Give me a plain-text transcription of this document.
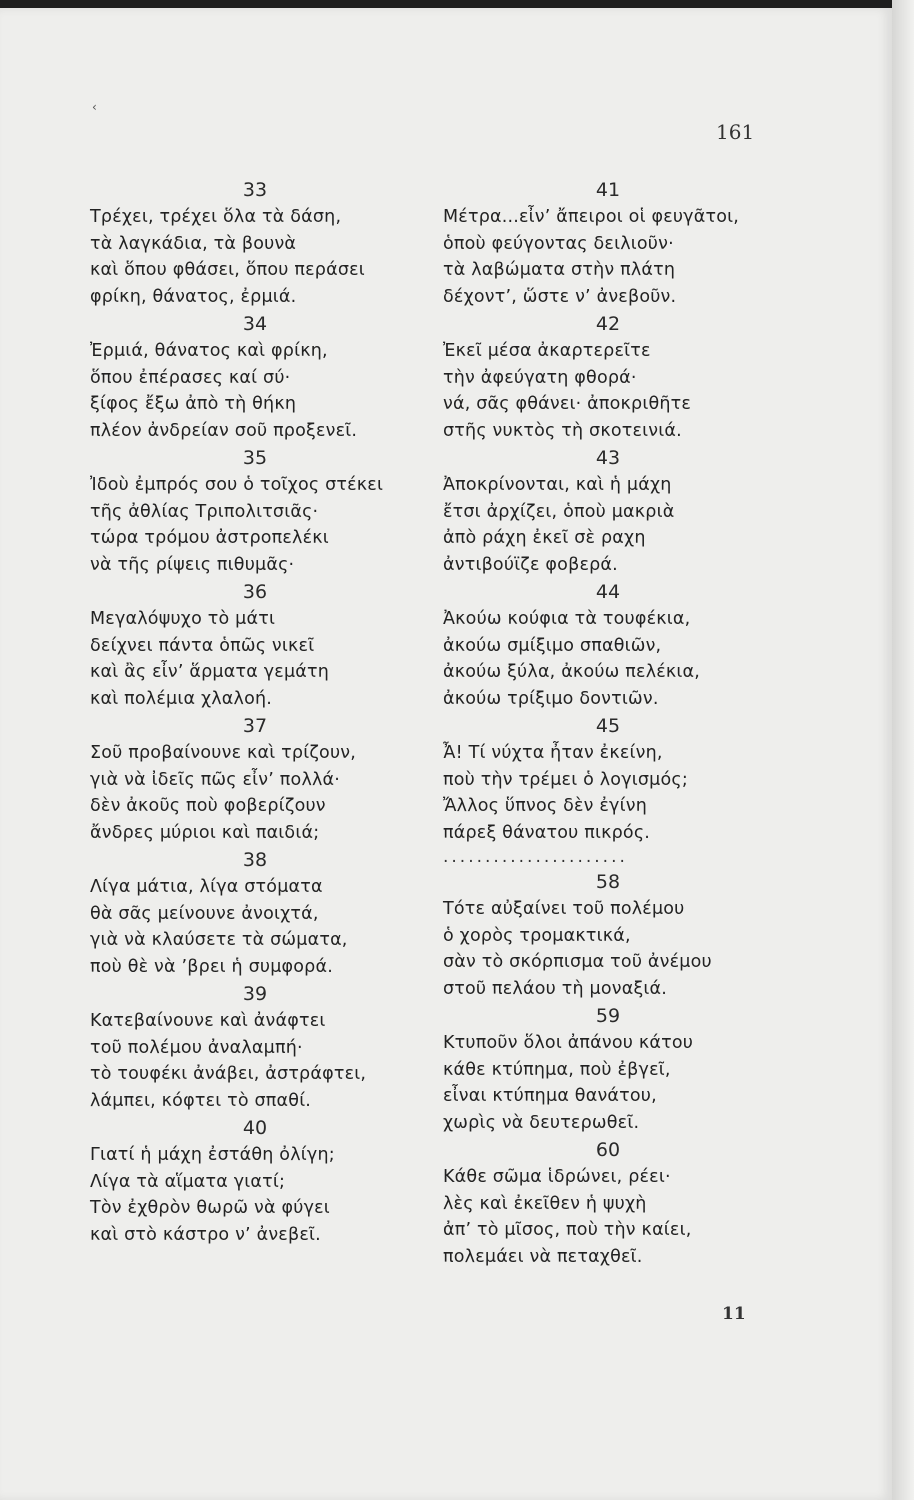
‹
161
33
Τρέχει, τρέχει ὅλα τὰ δάση,
τὰ λαγκάδια, τὰ βουνὰ
καὶ ὅπου φθάσει, ὅπου περάσει
φρίκη, θάνατος, ἐρμιά.
34
Ἐρμιά, θάνατος καὶ φρίκη,
ὅπου ἐπέρασες καί σύ·
ξίφος ἔξω ἀπὸ τὴ θήκη
πλέον ἀνδρείαν σοῦ προξενεῖ.
35
Ἰδοὺ ἐμπρός σου ὁ τοῖχος στέκει
τῆς ἀθλίας Τριπολιτσιᾶς·
τώρα τρόμου ἀστροπελέκι
νὰ τῆς ρίψεις πιθυμᾶς·
36
Μεγαλόψυχο τὸ μάτι
δείχνει πάντα ὁπῶς νικεῖ
καὶ ἂς εἶν’ ἅρματα γεμάτη
καὶ πολέμια χλαλοή.
37
Σοῦ προβαίνουνε καὶ τρίζουν,
γιὰ νὰ ἰδεῖς πῶς εἶν’ πολλά·
δὲν ἀκοῦς ποὺ φοβερίζουν
ἄνδρες μύριοι καὶ παιδιά;
38
Λίγα μάτια, λίγα στόματα
θὰ σᾶς μείνουνε ἀνοιχτά,
γιὰ νὰ κλαύσετε τὰ σώματα,
ποὺ θὲ νὰ ’βρει ἡ συμφορά.
39
Κατεβαίνουνε καὶ ἀνάφτει
τοῦ πολέμου ἀναλαμπή·
τὸ τουφέκι ἀνάβει, ἀστράφτει,
λάμπει, κόφτει τὸ σπαθί.
40
Γιατί ἡ μάχη ἐστάθη ὀλίγη;
Λίγα τὰ αἵματα γιατί;
Τὸν ἐχθρὸν θωρῶ νὰ φύγει
καὶ στὸ κάστρο ν’ ἀνεβεῖ.
41
Μέτρα...εἶν’ ἄπειροι οἱ φευγᾶτοι,
ὁποὺ φεύγοντας δειλιοῦν·
τὰ λαβώματα στὴν πλάτη
δέχοντ’, ὥστε ν’ ἀνεβοῦν.
42
Ἐκεῖ μέσα ἀκαρτερεῖτε
τὴν ἀφεύγατη φθορά·
νά, σᾶς φθάνει· ἀποκριθῆτε
στῆς νυκτὸς τὴ σκοτεινιά.
43
Ἀποκρίνονται, καὶ ἡ μάχη
ἔτσι ἀρχίζει, ὁποὺ μακριὰ
ἀπὸ ράχη ἐκεῖ σὲ ραχη
ἀντιβούϊζε φοβερά.
44
Ἀκούω κούφια τὰ τουφέκια,
ἀκούω σμίξιμο σπαθιῶν,
ἀκούω ξύλα, ἀκούω πελέκια,
ἀκούω τρίξιμο δοντιῶν.
45
Ἆ! Τί νύχτα ἦταν ἐκείνη,
ποὺ τὴν τρέμει ὁ λογισμός;
Ἄλλος ὕπνος δὲν ἐγίνη
πάρεξ θάνατου πικρός.
......................
58
Τότε αὐξαίνει τοῦ πολέμου
ὁ χορὸς τρομακτικά,
σὰν τὸ σκόρπισμα τοῦ ἀνέμου
στοῦ πελάου τὴ μοναξιά.
59
Κτυποῦν ὅλοι ἀπάνου κάτου
κάθε κτύπημα, ποὺ ἐβγεῖ,
εἶναι κτύπημα θανάτου,
χωρὶς νὰ δευτερωθεῖ.
60
Κάθε σῶμα ἱδρώνει, ρέει·
λὲς καὶ ἐκεῖθεν ἡ ψυχὴ
ἀπ’ τὸ μῖσος, ποὺ τὴν καίει,
πολεμάει νὰ πεταχθεῖ.
11
